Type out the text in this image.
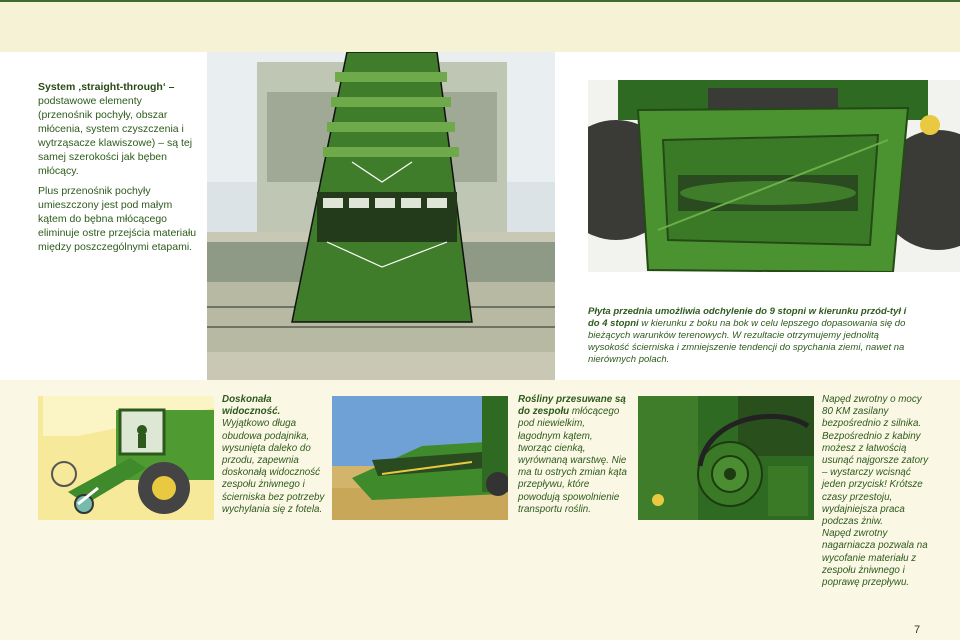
System ‚straight-through‘ – podstawowe elementy (przenośnik pochyły, obszar młócenia, system czyszczenia i wytrząsacze klawiszowe) – są tej samej szerokości jak bęben młócący.

Plus przenośnik pochyły umieszczony jest pod małym kątem do bębna młócącego eliminuje ostre przejścia materiału między poszczególnymi etapami.

Płyta przednia umożliwia odchylenie do 9 stopni w kierunku przód-tył i do 4 stopni w kierunku z boku na bok w celu lepszego dopasowania się do bieżących warunków terenowych. W rezultacie otrzymujemy jednolitą wysokość ścierniska i zmniejszenie tendencji do spychania ziemi, nawet na nierównych polach.
Doskonała widoczność. Wyjątkowo długa obudowa podajnika, wysunięta daleko do przodu, zapewnia doskonałą widoczność zespołu żniwnego i ścierniska bez potrzeby wychylania się z fotela.
Rośliny przesuwane są do zespołu młócącego pod niewielkim, łagodnym kątem, tworząc cienką, wyrównaną warstwę. Nie ma tu ostrych zmian kąta przepływu, które powodują spowolnienie transportu roślin.
Napęd zwrotny o mocy 80 KM zasilany bezpośrednio z silnika.
Bezpośrednio z kabiny możesz z łatwością usunąć najgorsze zatory – wystarczy wcisnąć jeden przycisk! Krótsze czasy przestoju, wydajniejsza praca podczas żniw.
Napęd zwrotny nagarniacza pozwala na wycofanie materiału z zespołu żniwnego i poprawę przepływu.
7
